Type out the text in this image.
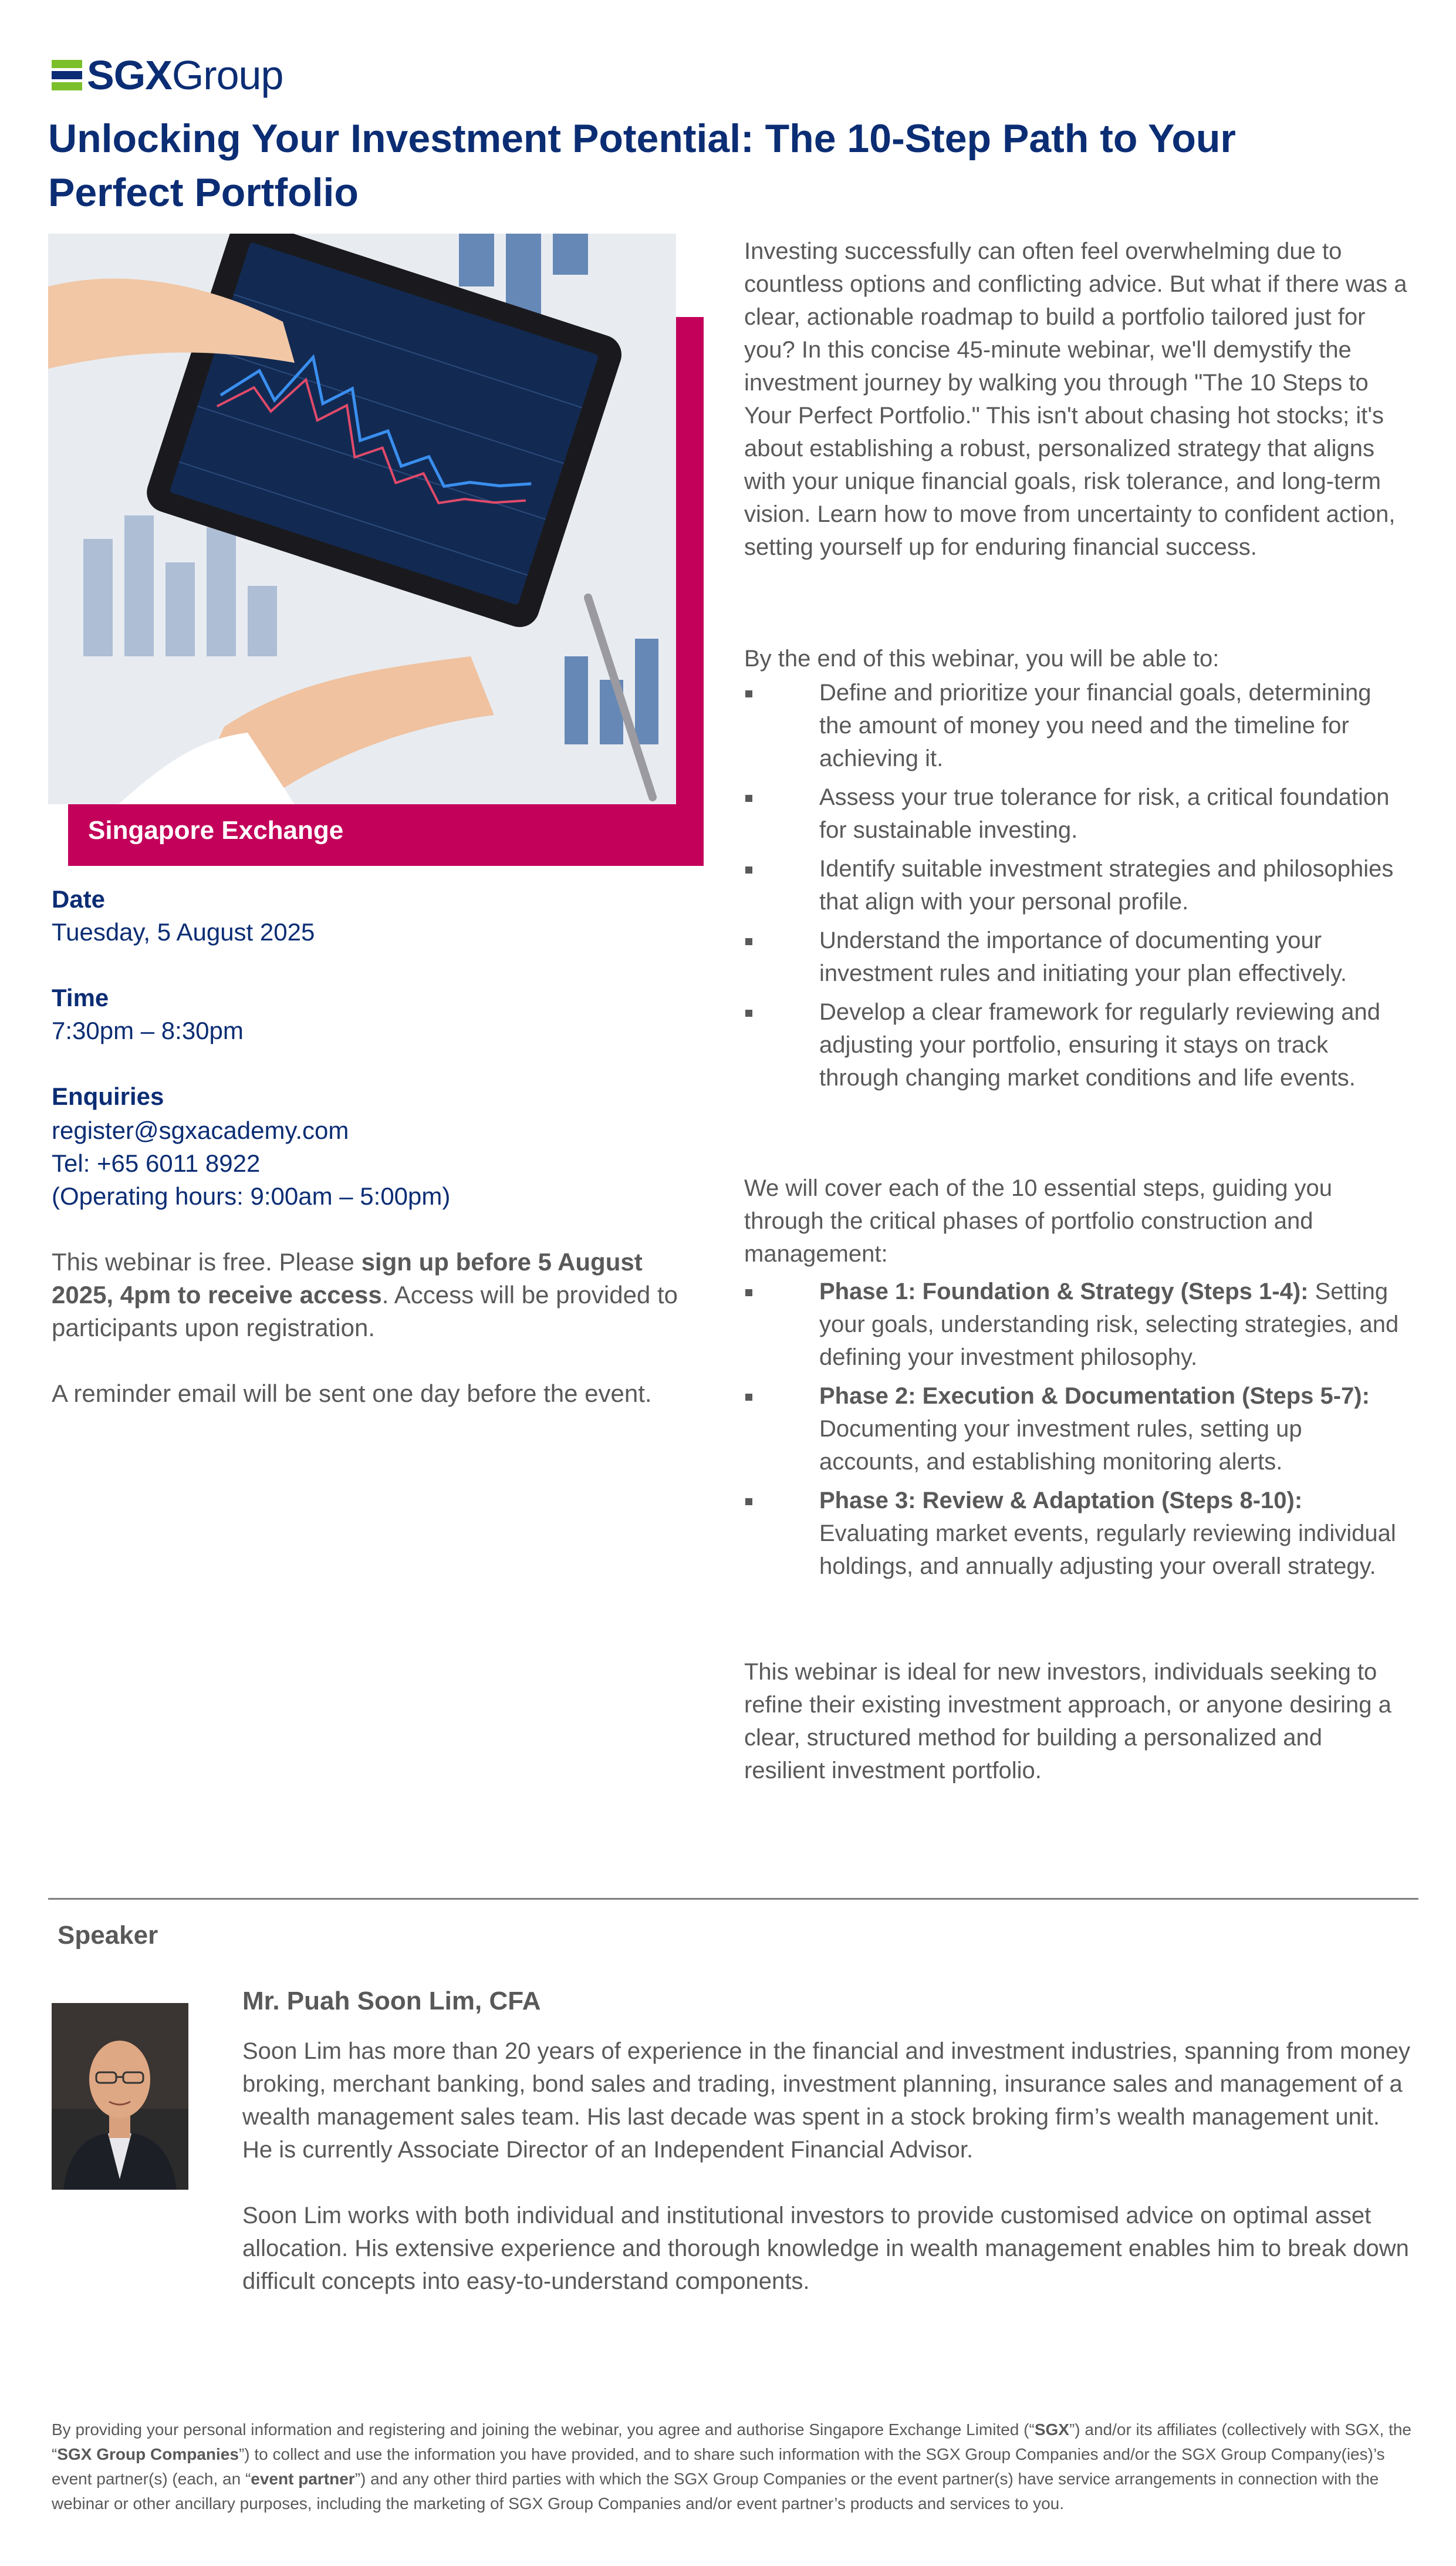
SGXGroup
Unlocking Your Investment Potential: The 10-Step Path to Your Perfect Portfolio
Singapore Exchange
Date
Tuesday, 5 August 2025
Time
7:30pm – 8:30pm
Enquiries
register@sgxacademy.com
Tel: +65 6011 8922
(Operating hours: 9:00am – 5:00pm)
This webinar is free. Please sign up before 5 August 2025, 4pm to receive access. Access will be provided to participants upon registration.
A reminder email will be sent one day before the event.
Investing successfully can often feel overwhelming due to countless options and conflicting advice. But what if there was a clear, actionable roadmap to build a portfolio tailored just for you? In this concise 45-minute webinar, we'll demystify the investment journey by walking you through "The 10 Steps to Your Perfect Portfolio." This isn't about chasing hot stocks; it's about establishing a robust, personalized strategy that aligns with your unique financial goals, risk tolerance, and long-term vision. Learn how to move from uncertainty to confident action, setting yourself up for enduring financial success.
By the end of this webinar, you will be able to:
Define and prioritize your financial goals, determining the amount of money you need and the timeline for achieving it.
Assess your true tolerance for risk, a critical foundation for sustainable investing.
Identify suitable investment strategies and philosophies that align with your personal profile.
Understand the importance of documenting your investment rules and initiating your plan effectively.
Develop a clear framework for regularly reviewing and adjusting your portfolio, ensuring it stays on track through changing market conditions and life events.
We will cover each of the 10 essential steps, guiding you through the critical phases of portfolio construction and management:
Phase 1: Foundation & Strategy (Steps 1-4): Setting your goals, understanding risk, selecting strategies, and defining your investment philosophy.
Phase 2: Execution & Documentation (Steps 5-7): Documenting your investment rules, setting up accounts, and establishing monitoring alerts.
Phase 3: Review & Adaptation (Steps 8-10): Evaluating market events, regularly reviewing individual holdings, and annually adjusting your overall strategy.
This webinar is ideal for new investors, individuals seeking to refine their existing investment approach, or anyone desiring a clear, structured method for building a personalized and resilient investment portfolio.
Speaker
Mr. Puah Soon Lim, CFA
Soon Lim has more than 20 years of experience in the financial and investment industries, spanning from money broking, merchant banking, bond sales and trading, investment planning, insurance sales and management of a wealth management sales team. His last decade was spent in a stock broking firm’s wealth management unit. He is currently Associate Director of an Independent Financial Advisor.
Soon Lim works with both individual and institutional investors to provide customised advice on optimal asset allocation. His extensive experience and thorough knowledge in wealth management enables him to break down difficult concepts into easy-to-understand components.
By providing your personal information and registering and joining the webinar, you agree and authorise Singapore Exchange Limited (“SGX”) and/or its affiliates (collectively with SGX, the “SGX Group Companies”) to collect and use the information you have provided, and to share such information with the SGX Group Companies and/or the SGX Group Company(ies)’s event partner(s) (each, an “event partner”) and any other third parties with which the SGX Group Companies or the event partner(s) have service arrangements in connection with the webinar or other ancillary purposes, including the marketing of SGX Group Companies and/or event partner’s products and services to you.
